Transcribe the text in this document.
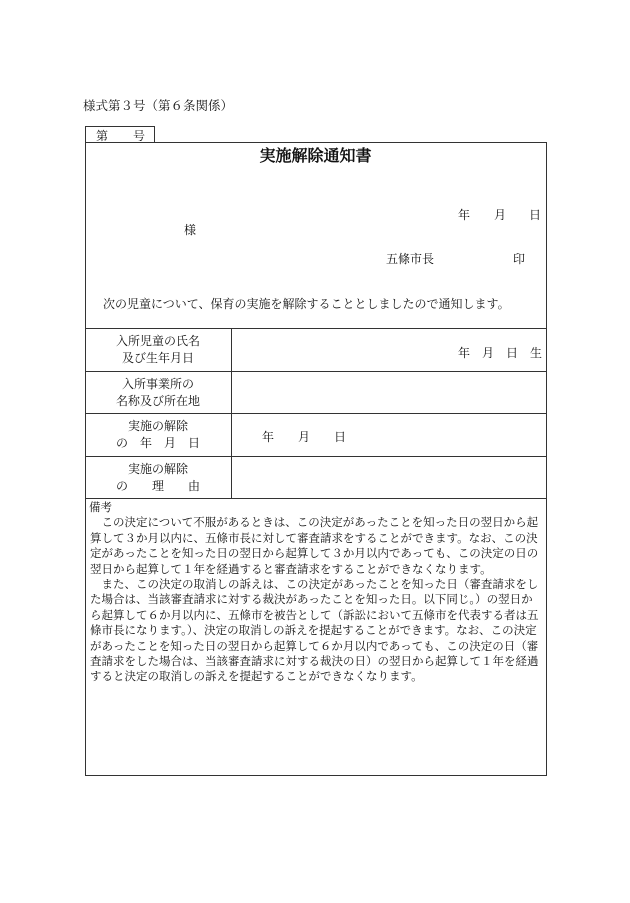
様式第３号（第６条関係）
第 号
実施解除通知書
年 月 日
様
五條市長	印
次の児童について、保育の実施を解除することとしましたので通知します。
入所児童の氏名
及び生年月日	年　月　日　生
入所事業所の
名称及び所在地
実施の解除
の　年　月　日	年　　月　　日
実施の解除
の　　理　　由

備考

この決定について不服があるときは、この決定があったことを知った日の翌日から起算して３か月以内に、五條市長に対して審査請求をすることができます。なお、この決定があったことを知った日の翌日から起算して３か月以内であっても、この決定の日の翌日から起算して１年を経過すると審査請求をすることができなくなります。

また、この決定の取消しの訴えは、この決定があったことを知った日（審査請求をした場合は、当該審査請求に対する裁決があったことを知った日。以下同じ。）の翌日から起算して６か月以内に、五條市を被告として（訴訟において五條市を代表する者は五條市長になります。）、決定の取消しの訴えを提起することができます。なお、この決定があったことを知った日の翌日から起算して６か月以内であっても、この決定の日（審査請求をした場合は、当該審査請求に対する裁決の日）の翌日から起算して１年を経過すると決定の取消しの訴えを提起することができなくなります。
